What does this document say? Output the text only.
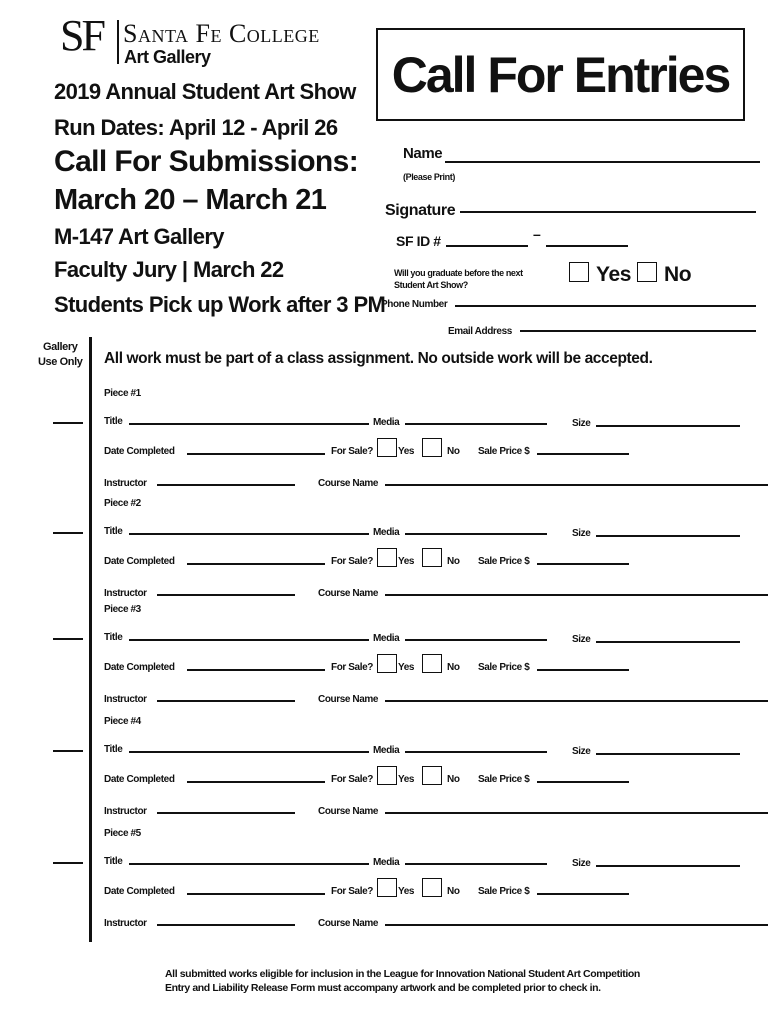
SF Santa Fe College
Art Gallery
2019 Annual Student Art Show
Run Dates: April 12 - April 26
Call For Submissions:
March 20 – March 21
M-147 Art Gallery
Faculty Jury | March 22
Students Pick up Work after 3 PM
Call For Entries
Name
(Please Print)
Signature
SF ID #	–
Will you graduate before the next
Student Art Show?	Yes No
Phone Number
Email Address
Gallery
Use Only All work must be part of a class assignment. No outside work will be accepted.
Piece #1
Title	Media	Size
Date Completed	For Sale?	Yes	No Sale Price $
Instructor	Course Name
Piece #2
Title	Media	Size
Date Completed	For Sale?	Yes	No Sale Price $
Instructor	Course Name
Piece #3
Title	Media	Size
Date Completed	For Sale?	Yes	No Sale Price $
Instructor	Course Name
Piece #4
Title	Media	Size
Date Completed	For Sale?	Yes	No Sale Price $
Instructor	Course Name
Piece #5
Title	Media	Size
Date Completed	For Sale?	Yes	No Sale Price $
Instructor	Course Name
All submitted works eligible for inclusion in the League for Innovation National Student Art Competition
Entry and Liability Release Form must accompany artwork and be completed prior to check in.
